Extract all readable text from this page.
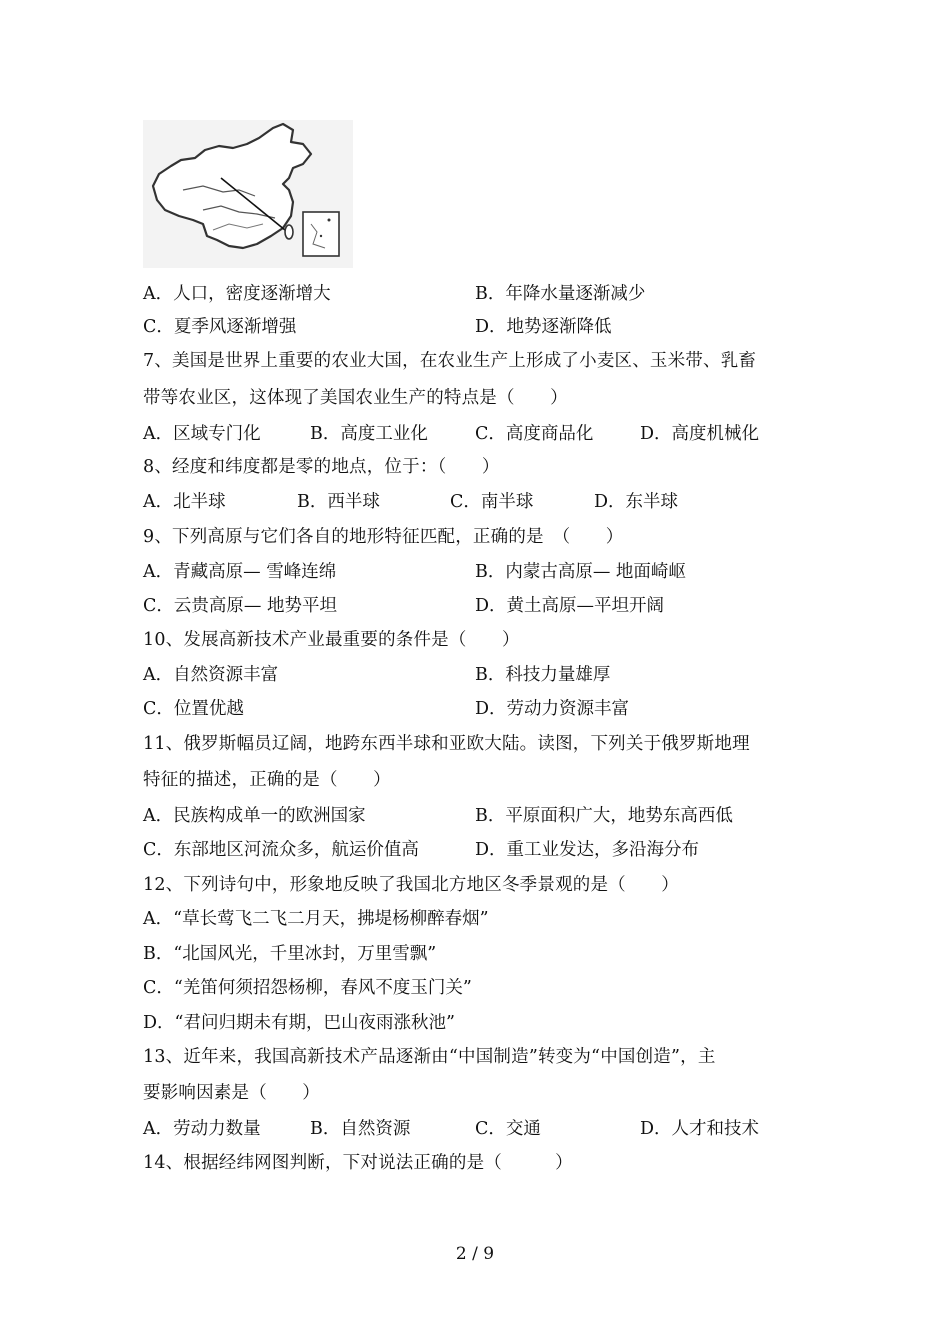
A．人口，密度逐渐增大	B．年降水量逐渐减少
C．夏季风逐渐增强	D．地势逐渐降低
7、美国是世界上重要的农业大国，在农业生产上形成了小麦区、玉米带、乳畜
带等农业区，这体现了美国农业生产的特点是（　　）
A．区域专门化	B．高度工业化	C．高度商品化	D．高度机械化
8、经度和纬度都是零的地点，位于：（　　）
A．北半球	B．西半球	C．南半球	D．东半球
9、下列高原与它们各自的地形特征匹配，正确的是　（　　）
A．青藏高原— 雪峰连绵	B．内蒙古高原— 地面崎岖
C．云贵高原— 地势平坦	D．黄土高原—平坦开阔
10、发展高新技术产业最重要的条件是（　　）
A．自然资源丰富	B．科技力量雄厚
C．位置优越	D．劳动力资源丰富
11、俄罗斯幅员辽阔，地跨东西半球和亚欧大陆。读图，下列关于俄罗斯地理
特征的描述，正确的是（　　）
A．民族构成单一的欧洲国家	B．平原面积广大，地势东高西低
C．东部地区河流众多，航运价值高	D．重工业发达，多沿海分布
12、下列诗句中，形象地反映了我国北方地区冬季景观的是（　　）
A．“草长莺飞二飞二月天，拂堤杨柳醉春烟”
B．“北国风光，千里冰封，万里雪飘”
C．“羌笛何须招怨杨柳，春风不度玉门关”
D．“君问归期未有期，巴山夜雨涨秋池”
13、近年来，我国高新技术产品逐渐由“中国制造”转变为“中国创造”，主
要影响因素是（　　）
A．劳动力数量	B．自然资源	C．交通	D．人才和技术
14、根据经纬网图判断，下对说法正确的是（　　　）
2 / 9
